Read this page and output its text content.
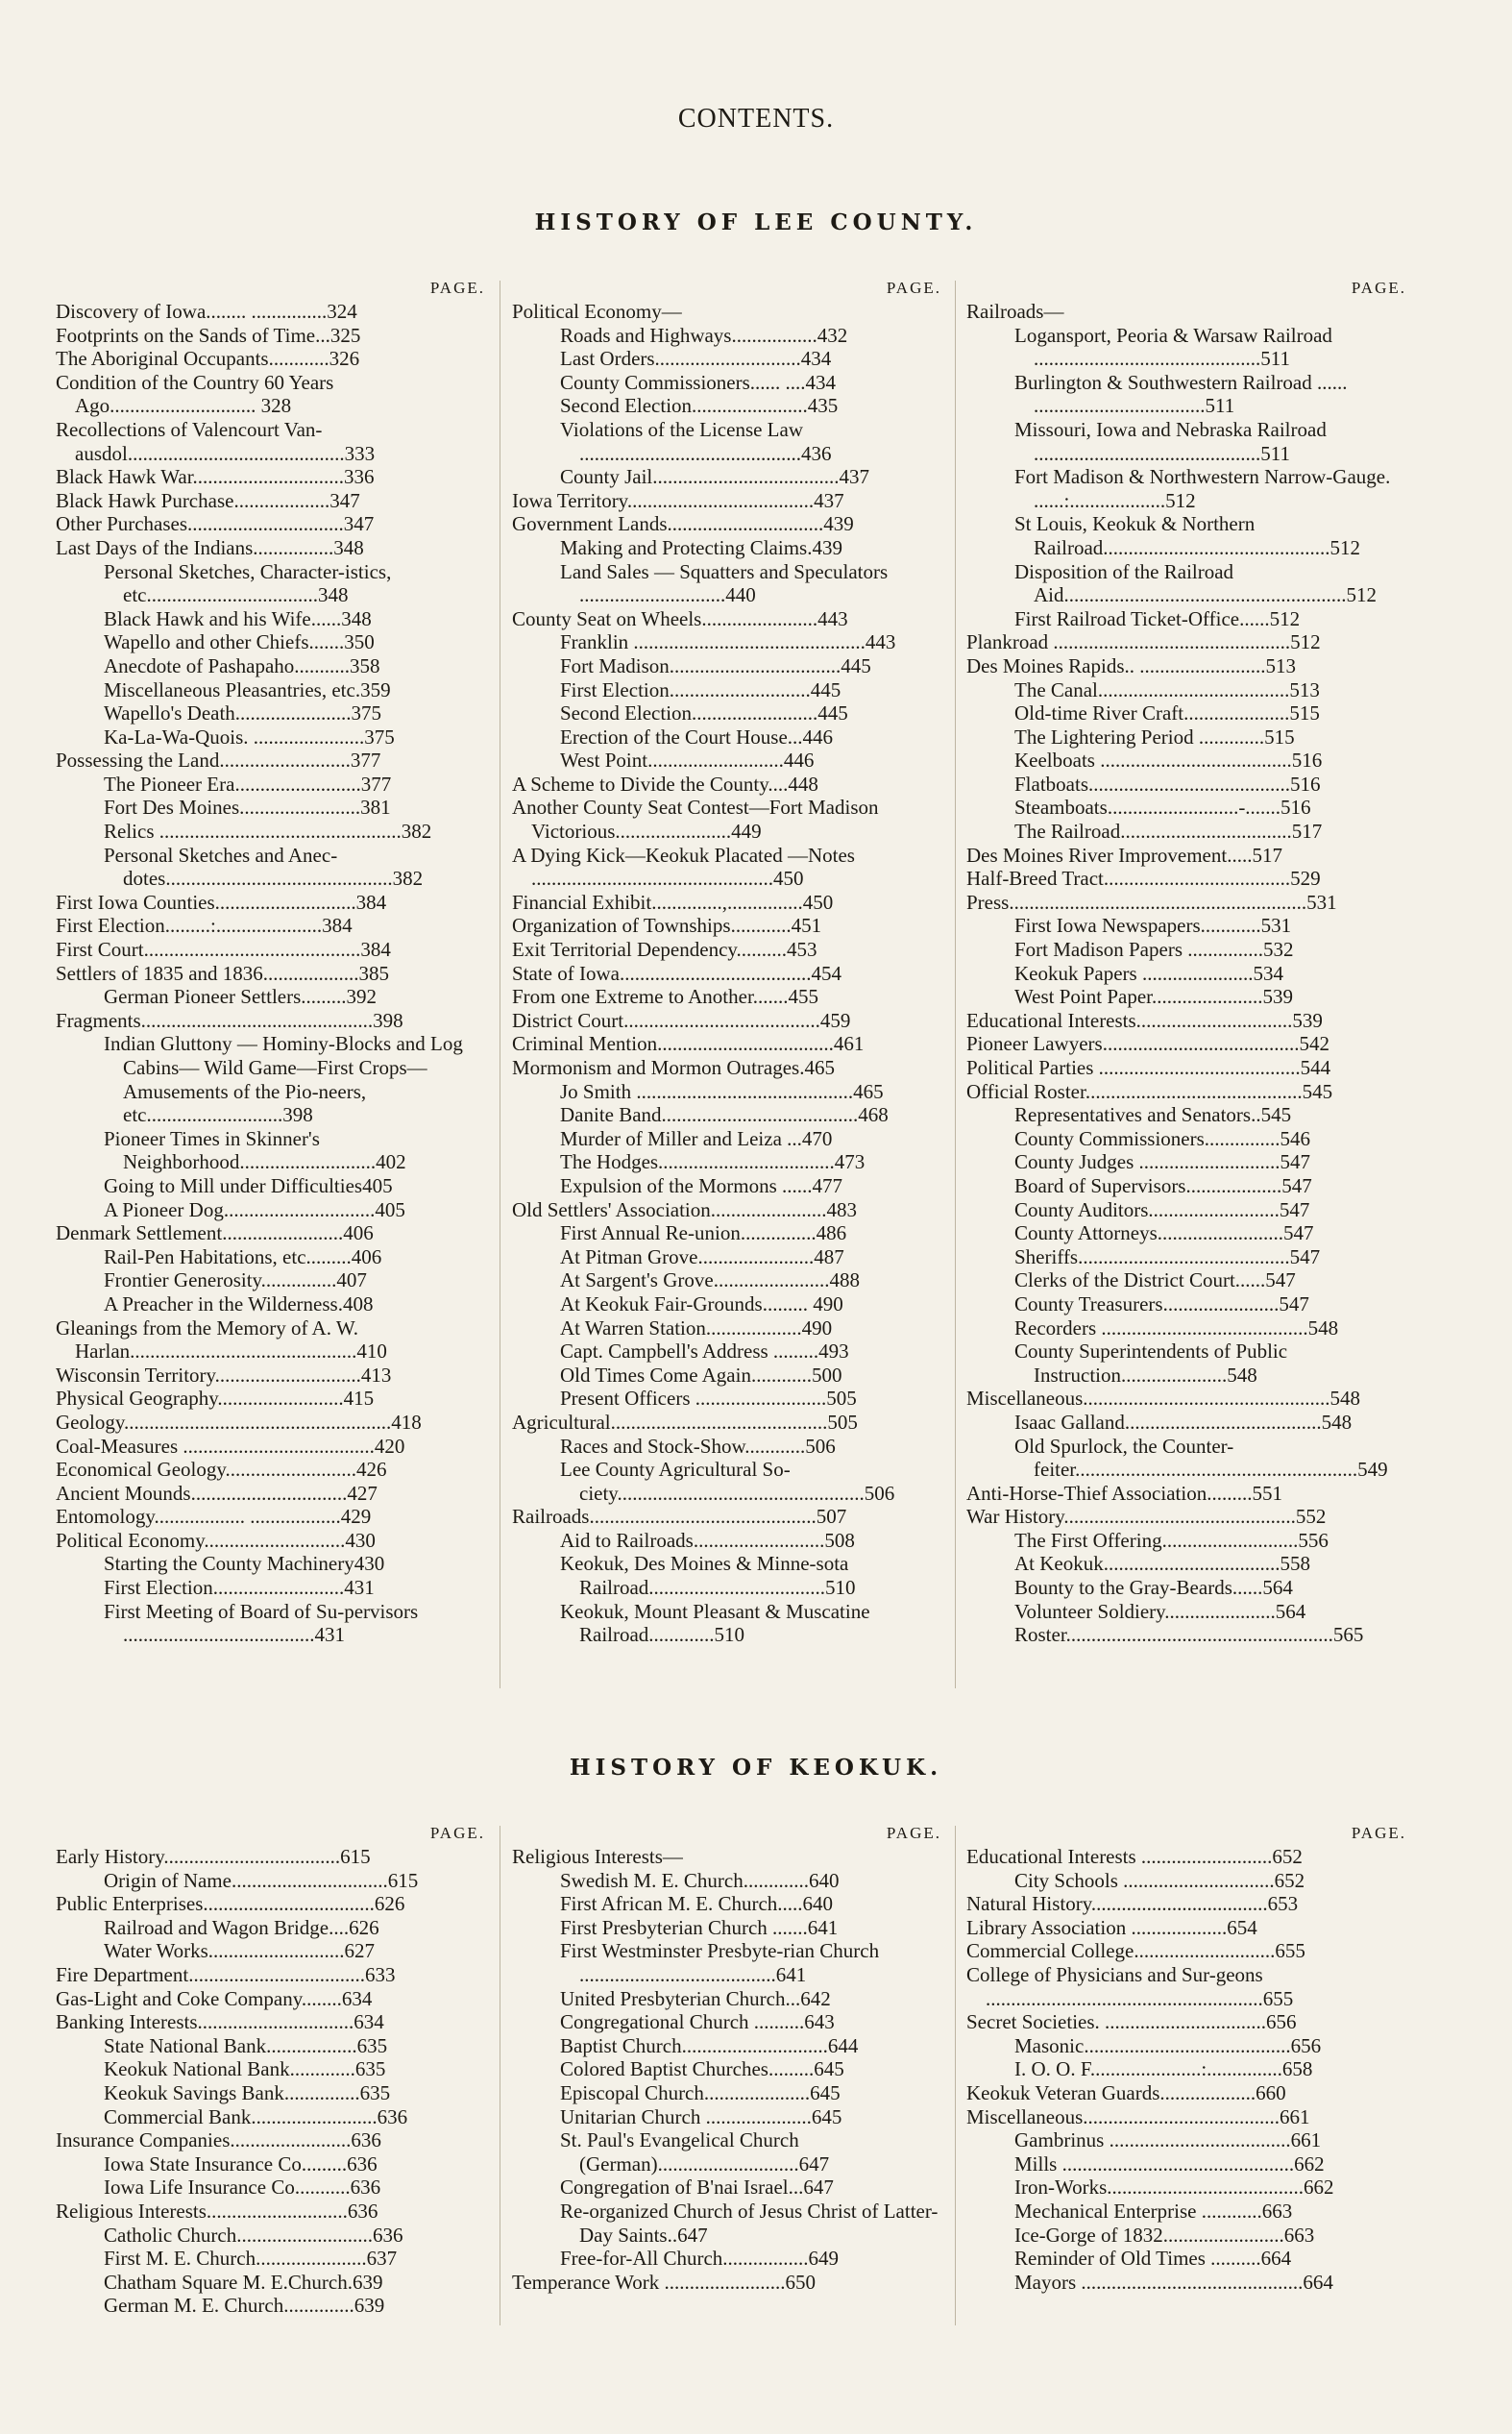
CONTENTS.
HISTORY OF LEE COUNTY.
PAGE.
Discovery of Iowa........ ...............324
Footprints on the Sands of Time...325
The Aboriginal Occupants............326
Condition of the Country 60 Years Ago............................. 328
Recollections of Valencourt Van-ausdol...........................................333
Black Hawk War..............................336
Black Hawk Purchase...................347
Other Purchases...............................347
Last Days of the Indians................348
Personal Sketches, Character-istics, etc..................................348
Black Hawk and his Wife......348
Wapello and other Chiefs.......350
Anecdote of Pashapaho...........358
Miscellaneous Pleasantries, etc.359
Wapello's Death.......................375
Ka-La-Wa-Quois. ......................375
Possessing the Land..........................377
The Pioneer Era.........................377
Fort Des Moines........................381
Relics ................................................382
Personal Sketches and Anec-dotes.............................................382
First Iowa Counties............................384
First Election.........:.....................384
First Court...........................................384
Settlers of 1835 and 1836...................385
German Pioneer Settlers.........392
Fragments..............................................398
Indian Gluttony — Hominy-Blocks and Log Cabins— Wild Game—First Crops— Amusements of the Pio-neers, etc...........................398
Pioneer Times in Skinner's Neighborhood...........................402
Going to Mill under Difficulties405
A Pioneer Dog..............................405
Denmark Settlement........................406
Rail-Pen Habitations, etc.........406
Frontier Generosity...............407
A Preacher in the Wilderness.408
Gleanings from the Memory of A. W. Harlan.............................................410
Wisconsin Territory.............................413
Physical Geography.........................415
Geology.....................................................418
Coal-Measures ......................................420
Economical Geology..........................426
Ancient Mounds...............................427
Entomology.................. ..................429
Political Economy............................430
Starting the County Machinery430
First Election..........................431
First Meeting of Board of Su-pervisors ......................................431
PAGE.
Political Economy—
Roads and Highways.................432
Last Orders.............................434
County Commissioners...... ....434
Second Election.......................435
Violations of the License Law ............................................436
County Jail.....................................437
Iowa Territory.....................................437
Government Lands...............................439
Making and Protecting Claims.439
Land Sales — Squatters and Speculators .............................440
County Seat on Wheels.......................443
Franklin ..............................................443
Fort Madison..................................445
First Election............................445
Second Election.........................445
Erection of the Court House...446
West Point...........................446
A Scheme to Divide the County....448
Another County Seat Contest—Fort Madison Victorious.......................449
A Dying Kick—Keokuk Placated —Notes ................................................450
Financial Exhibit..............,...............450
Organization of Townships............451
Exit Territorial Dependency..........453
State of Iowa......................................454
From one Extreme to Another.......455
District Court.......................................459
Criminal Mention...................................461
Mormonism and Mormon Outrages.465
Jo Smith ...........................................465
Danite Band.......................................468
Murder of Miller and Leiza ...470
The Hodges...................................473
Expulsion of the Mormons ......477
Old Settlers' Association.......................483
First Annual Re-union...............486
At Pitman Grove.......................487
At Sargent's Grove.......................488
At Keokuk Fair-Grounds......... 490
At Warren Station...................490
Capt. Campbell's Address .........493
Old Times Come Again............500
Present Officers ..........................505
Agricultural...........................................505
Races and Stock-Show............506
Lee County Agricultural So-ciety.................................................506
Railroads.............................................507
Aid to Railroads..........................508
Keokuk, Des Moines & Minne-sota Railroad...................................510
Keokuk, Mount Pleasant & Muscatine Railroad.............510
PAGE.
Railroads—
Logansport, Peoria & Warsaw Railroad .............................................511
Burlington & Southwestern Railroad ...... ..................................511
Missouri, Iowa and Nebraska Railroad .............................................511
Fort Madison & Northwestern Narrow-Gauge. ......:...................512
St Louis, Keokuk & Northern Railroad.............................................512
Disposition of the Railroad Aid........................................................512
First Railroad Ticket-Office......512
Plankroad ...............................................512
Des Moines Rapids.. .........................513
The Canal......................................513
Old-time River Craft.....................515
The Lightering Period .............515
Keelboats ......................................516
Flatboats........................................516
Steamboats..........................-.......516
The Railroad..................................517
Des Moines River Improvement.....517
Half-Breed Tract.....................................529
Press...........................................................531
First Iowa Newspapers............531
Fort Madison Papers ...............532
Keokuk Papers ......................534
West Point Paper......................539
Educational Interests...............................539
Pioneer Lawyers.......................................542
Political Parties ........................................544
Official Roster...........................................545
Representatives and Senators..545
County Commissioners...............546
County Judges ............................547
Board of Supervisors...................547
County Auditors..........................547
County Attorneys.........................547
Sheriffs..........................................547
Clerks of the District Court......547
County Treasurers.......................547
Recorders .........................................548
County Superintendents of Public Instruction.....................548
Miscellaneous.................................................548
Isaac Galland.......................................548
Old Spurlock, the Counter-feiter........................................................549
Anti-Horse-Thief Association.........551
War History..............................................552
The First Offering...........................556
At Keokuk...................................558
Bounty to the Gray-Beards......564
Volunteer Soldiery......................564
Roster.....................................................565
HISTORY OF KEOKUK.
PAGE.
Early History...................................615
Origin of Name...............................615
Public Enterprises..................................626
Railroad and Wagon Bridge....626
Water Works...........................627
Fire Department...................................633
Gas-Light and Coke Company........634
Banking Interests...............................634
State National Bank..................635
Keokuk National Bank.............635
Keokuk Savings Bank...............635
Commercial Bank.........................636
Insurance Companies........................636
Iowa State Insurance Co.........636
Iowa Life Insurance Co...........636
Religious Interests............................636
Catholic Church...........................636
First M. E. Church......................637
Chatham Square M. E.Church.639
German M. E. Church..............639
PAGE.
Religious Interests—
Swedish M. E. Church.............640
First African M. E. Church.....640
First Presbyterian Church .......641
First Westminster Presbyte-rian Church .......................................641
United Presbyterian Church...642
Congregational Church ..........643
Baptist Church.............................644
Colored Baptist Churches.........645
Episcopal Church.....................645
Unitarian Church .....................645
St. Paul's Evangelical Church (German)............................647
Congregation of B'nai Israel...647
Re-organized Church of Jesus Christ of Latter-Day Saints..647
Free-for-All Church.................649
Temperance Work ........................650
PAGE.
Educational Interests ..........................652
City Schools ..............................652
Natural History...................................653
Library Association ...................654
Commercial College............................655
College of Physicians and Sur-geons .......................................................655
Secret Societies. ................................656
Masonic.........................................656
I. O. O. F......................:...............658
Keokuk Veteran Guards...................660
Miscellaneous.......................................661
Gambrinus ....................................661
Mills ..............................................662
Iron-Works.......................................662
Mechanical Enterprise ............663
Ice-Gorge of 1832........................663
Reminder of Old Times ..........664
Mayors ............................................664
